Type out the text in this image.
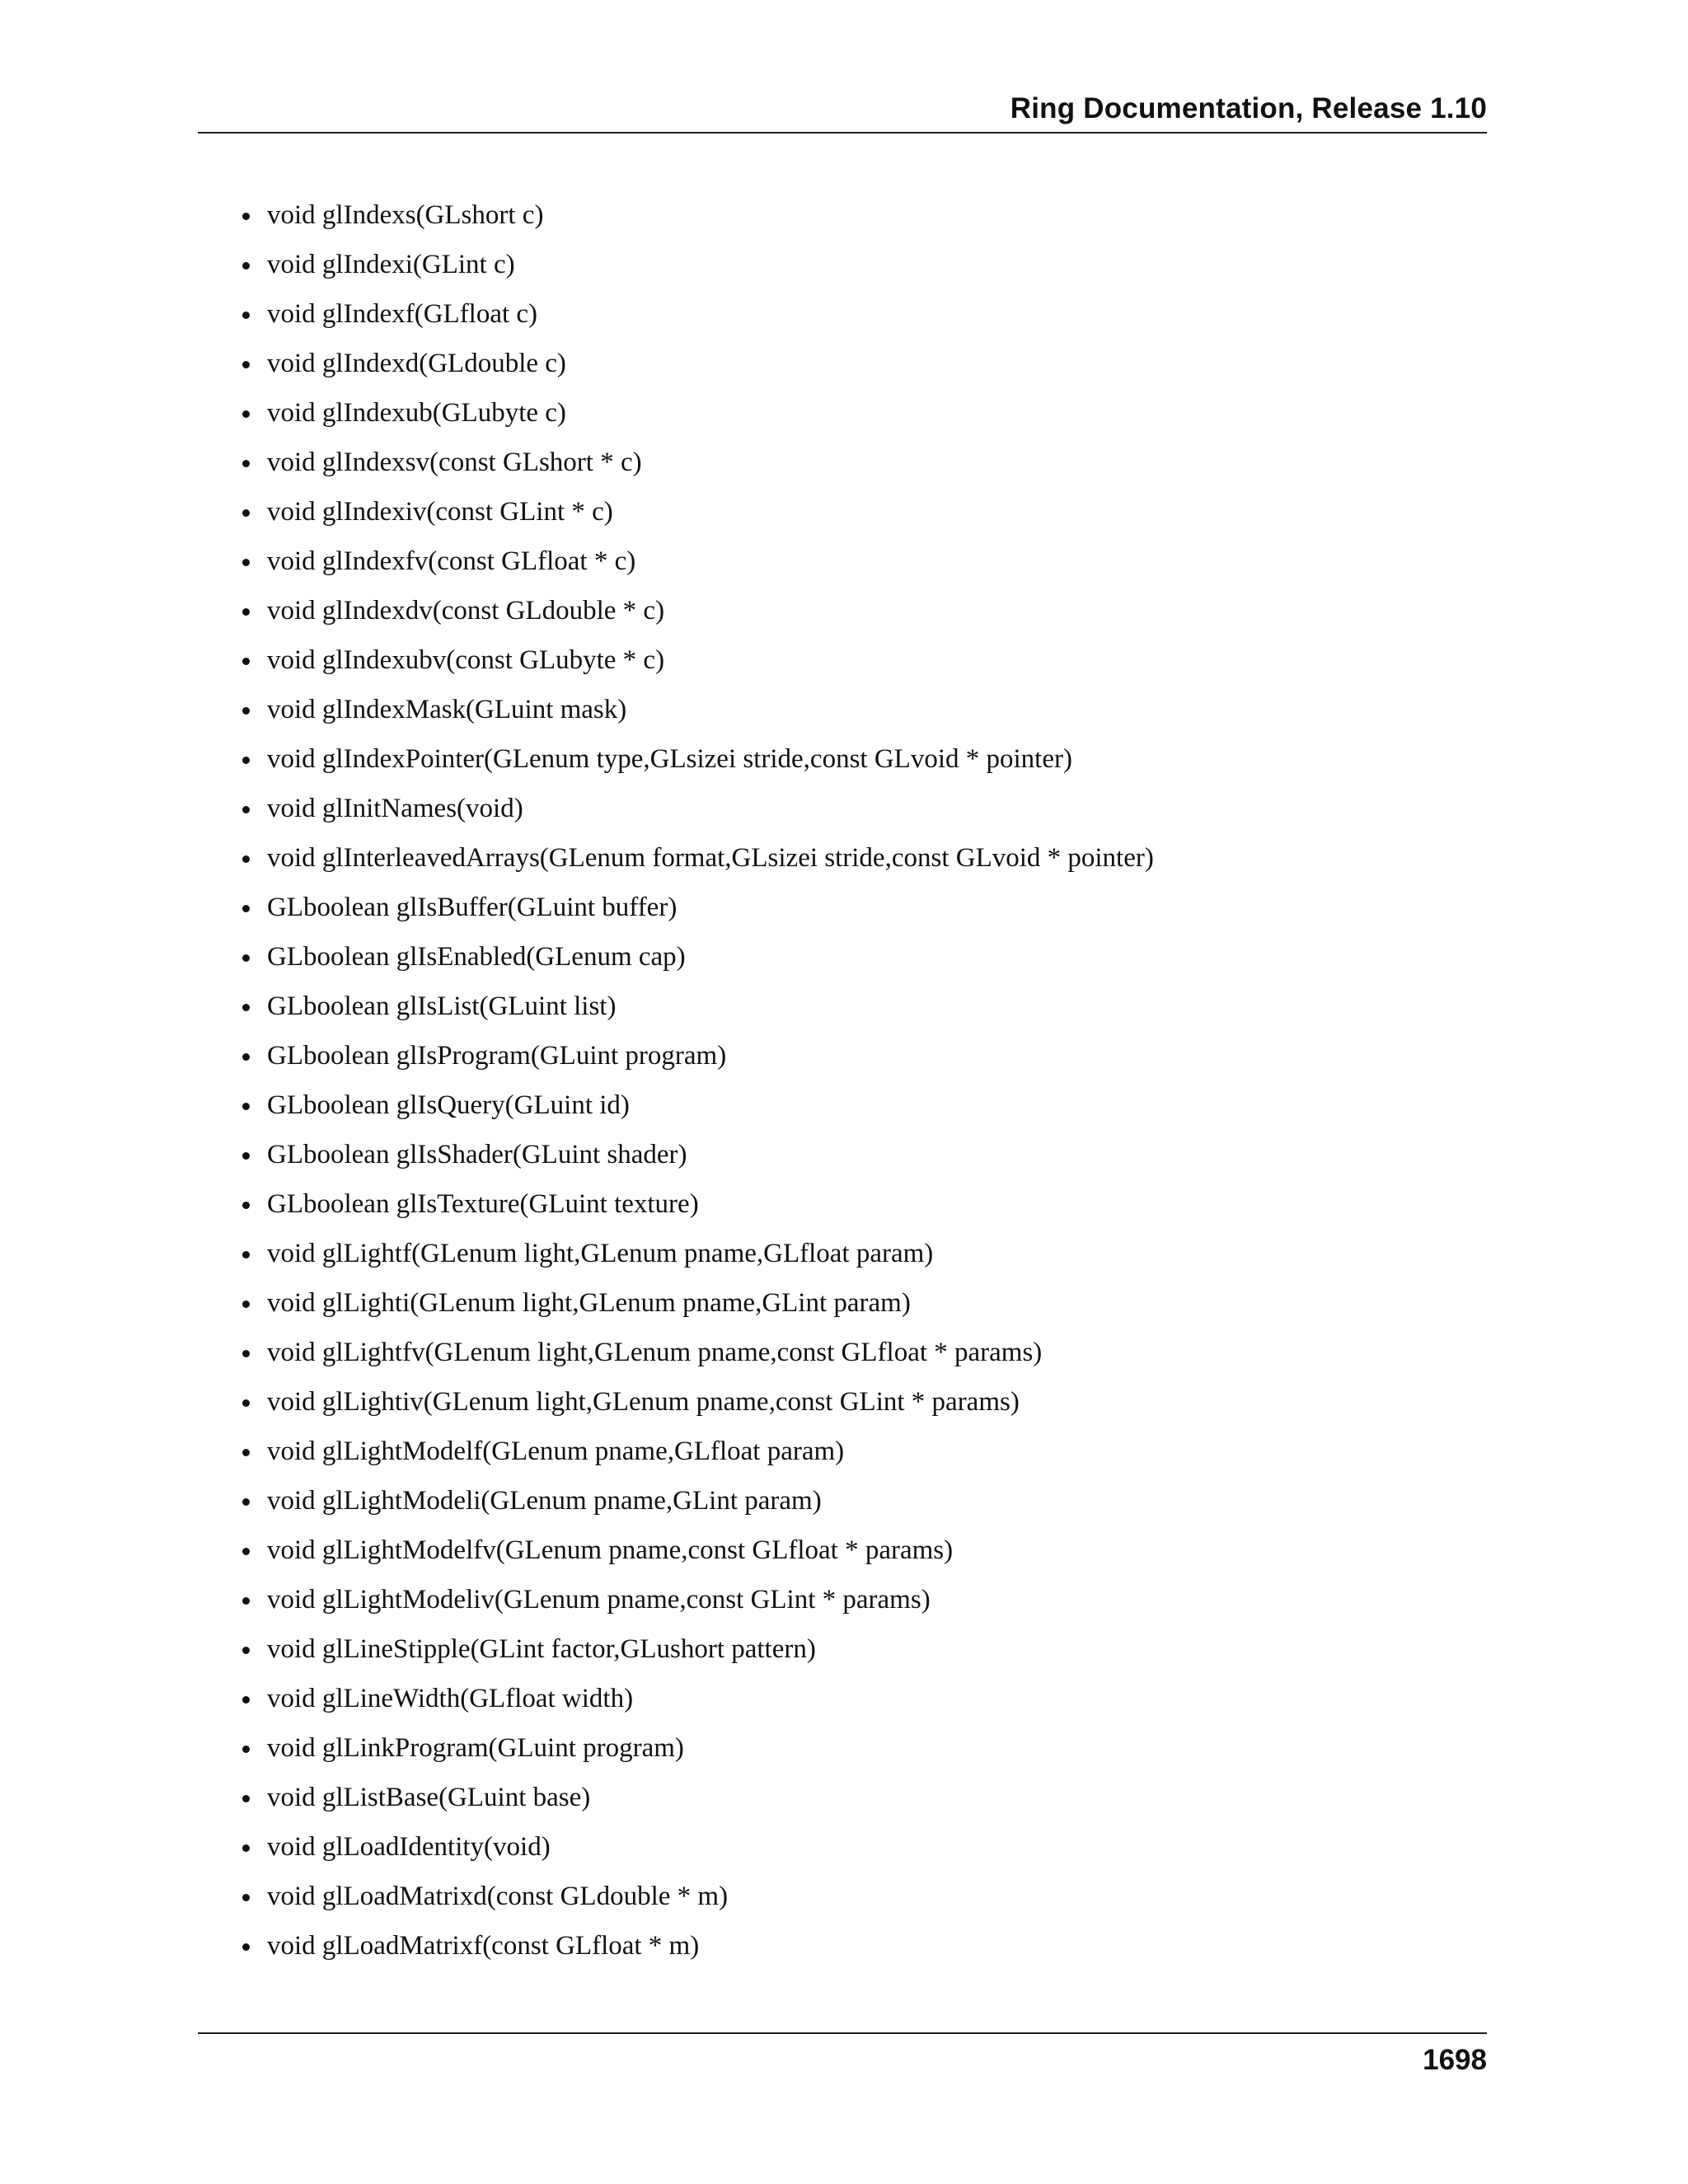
Ring Documentation, Release 1.10
void glIndexs(GLshort c)
void glIndexi(GLint c)
void glIndexf(GLfloat c)
void glIndexd(GLdouble c)
void glIndexub(GLubyte c)
void glIndexsv(const GLshort * c)
void glIndexiv(const GLint * c)
void glIndexfv(const GLfloat * c)
void glIndexdv(const GLdouble * c)
void glIndexubv(const GLubyte * c)
void glIndexMask(GLuint mask)
void glIndexPointer(GLenum type,GLsizei stride,const GLvoid * pointer)
void glInitNames(void)
void glInterleavedArrays(GLenum format,GLsizei stride,const GLvoid * pointer)
GLboolean glIsBuffer(GLuint buffer)
GLboolean glIsEnabled(GLenum cap)
GLboolean glIsList(GLuint list)
GLboolean glIsProgram(GLuint program)
GLboolean glIsQuery(GLuint id)
GLboolean glIsShader(GLuint shader)
GLboolean glIsTexture(GLuint texture)
void glLightf(GLenum light,GLenum pname,GLfloat param)
void glLighti(GLenum light,GLenum pname,GLint param)
void glLightfv(GLenum light,GLenum pname,const GLfloat * params)
void glLightiv(GLenum light,GLenum pname,const GLint * params)
void glLightModelf(GLenum pname,GLfloat param)
void glLightModeli(GLenum pname,GLint param)
void glLightModelfv(GLenum pname,const GLfloat * params)
void glLightModeliv(GLenum pname,const GLint * params)
void glLineStipple(GLint factor,GLushort pattern)
void glLineWidth(GLfloat width)
void glLinkProgram(GLuint program)
void glListBase(GLuint base)
void glLoadIdentity(void)
void glLoadMatrixd(const GLdouble * m)
void glLoadMatrixf(const GLfloat * m)
1698
